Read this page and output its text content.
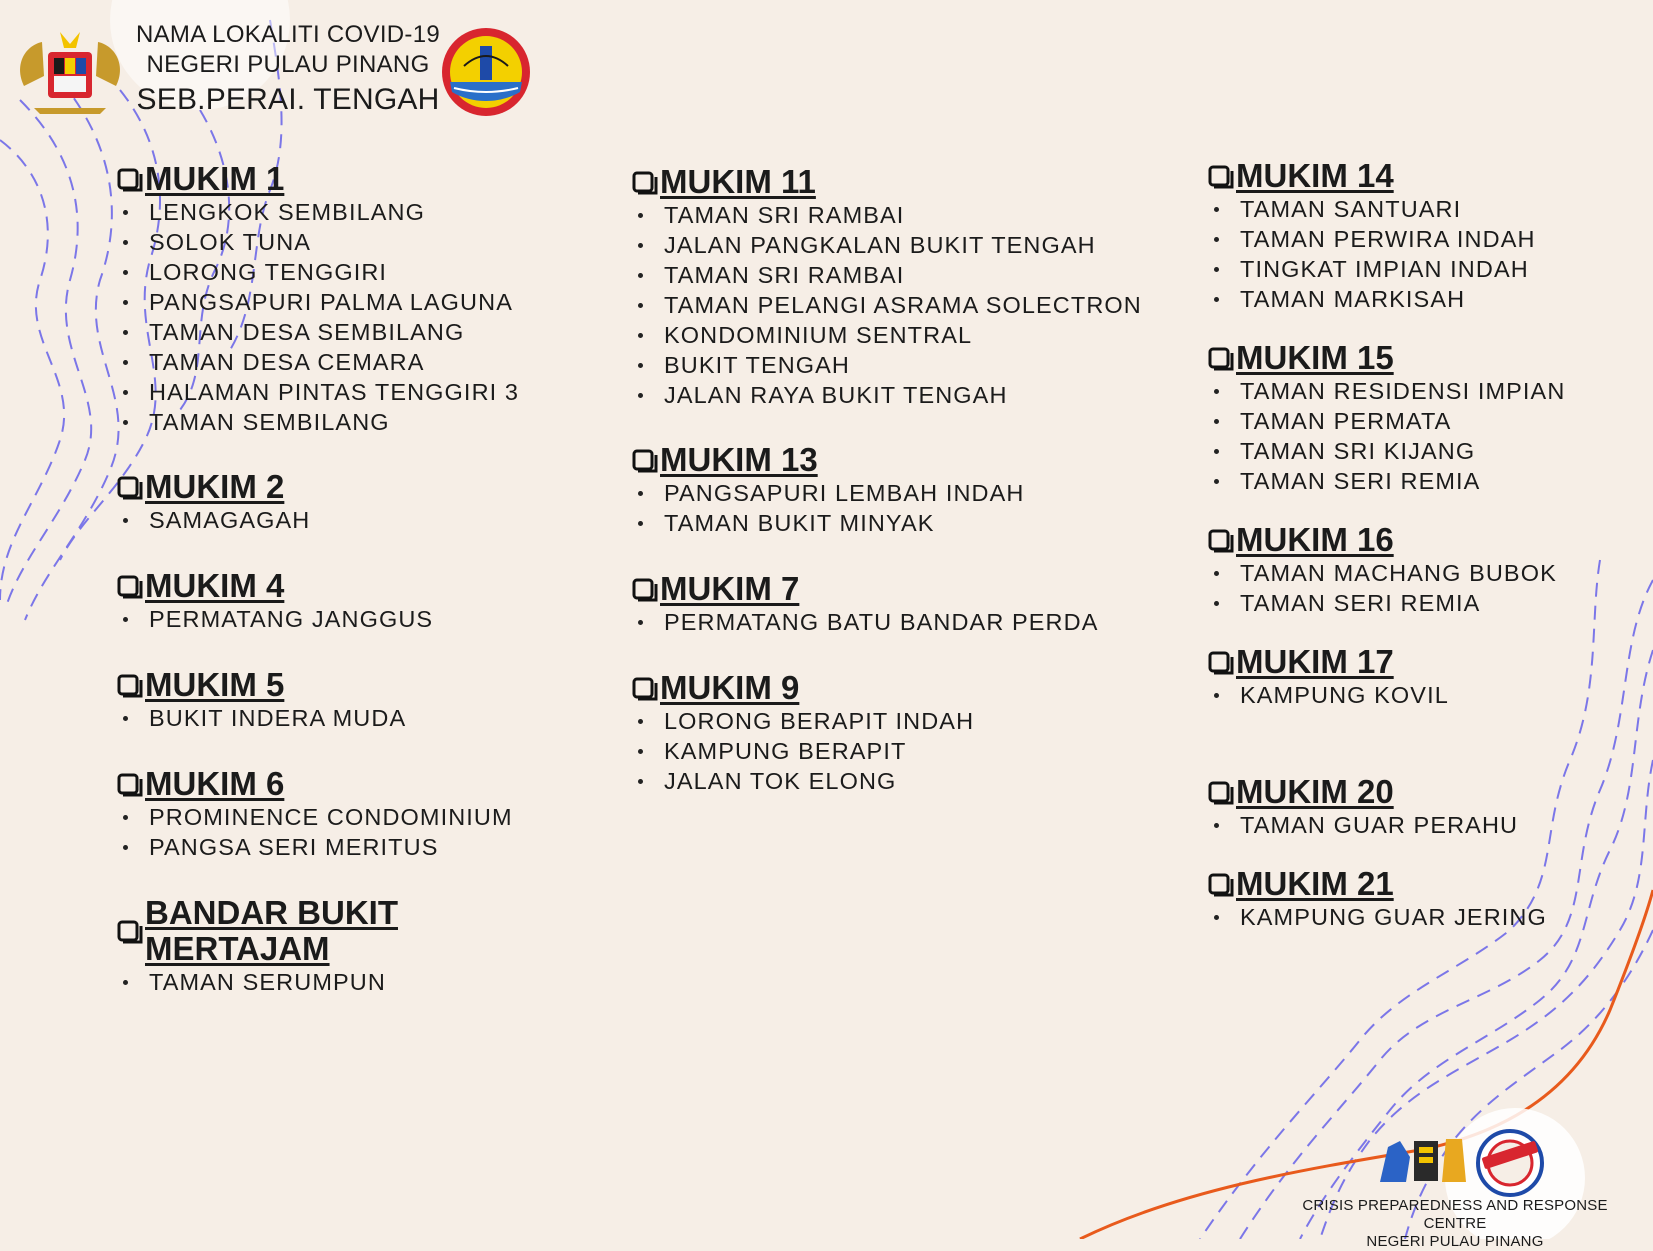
NAMA LOKALITI COVID-19
NEGERI PULAU PINANG
SEB.PERAI. TENGAH
MUKIM 1
LENGKOK SEMBILANG
SOLOK TUNA
LORONG TENGGIRI
PANGSAPURI PALMA LAGUNA
TAMAN DESA SEMBILANG
TAMAN DESA CEMARA
HALAMAN PINTAS TENGGIRI 3
TAMAN SEMBILANG
MUKIM 2
SAMAGAGAH
MUKIM 4
PERMATANG JANGGUS
MUKIM 5
BUKIT INDERA MUDA
MUKIM 6
PROMINENCE CONDOMINIUM
PANGSA SERI MERITUS
BANDAR BUKIT MERTAJAM
TAMAN SERUMPUN
MUKIM 11
TAMAN SRI RAMBAI
JALAN PANGKALAN BUKIT TENGAH
TAMAN SRI RAMBAI
TAMAN PELANGI ASRAMA SOLECTRON
KONDOMINIUM SENTRAL
BUKIT TENGAH
JALAN RAYA BUKIT TENGAH
MUKIM 13
PANGSAPURI LEMBAH INDAH
TAMAN BUKIT MINYAK
MUKIM 7
PERMATANG BATU BANDAR PERDA
MUKIM 9
LORONG BERAPIT INDAH
KAMPUNG BERAPIT
JALAN TOK ELONG
MUKIM 14
TAMAN SANTUARI
TAMAN PERWIRA INDAH
TINGKAT IMPIAN INDAH
TAMAN MARKISAH
MUKIM 15
TAMAN RESIDENSI IMPIAN
TAMAN PERMATA
TAMAN SRI KIJANG
TAMAN SERI REMIA
MUKIM 16
TAMAN MACHANG BUBOK
TAMAN SERI REMIA
MUKIM 17
KAMPUNG KOVIL
MUKIM 20
TAMAN GUAR PERAHU
MUKIM 21
KAMPUNG GUAR JERING
CRISIS PREPAREDNESS AND RESPONSE CENTRE
NEGERI PULAU PINANG
